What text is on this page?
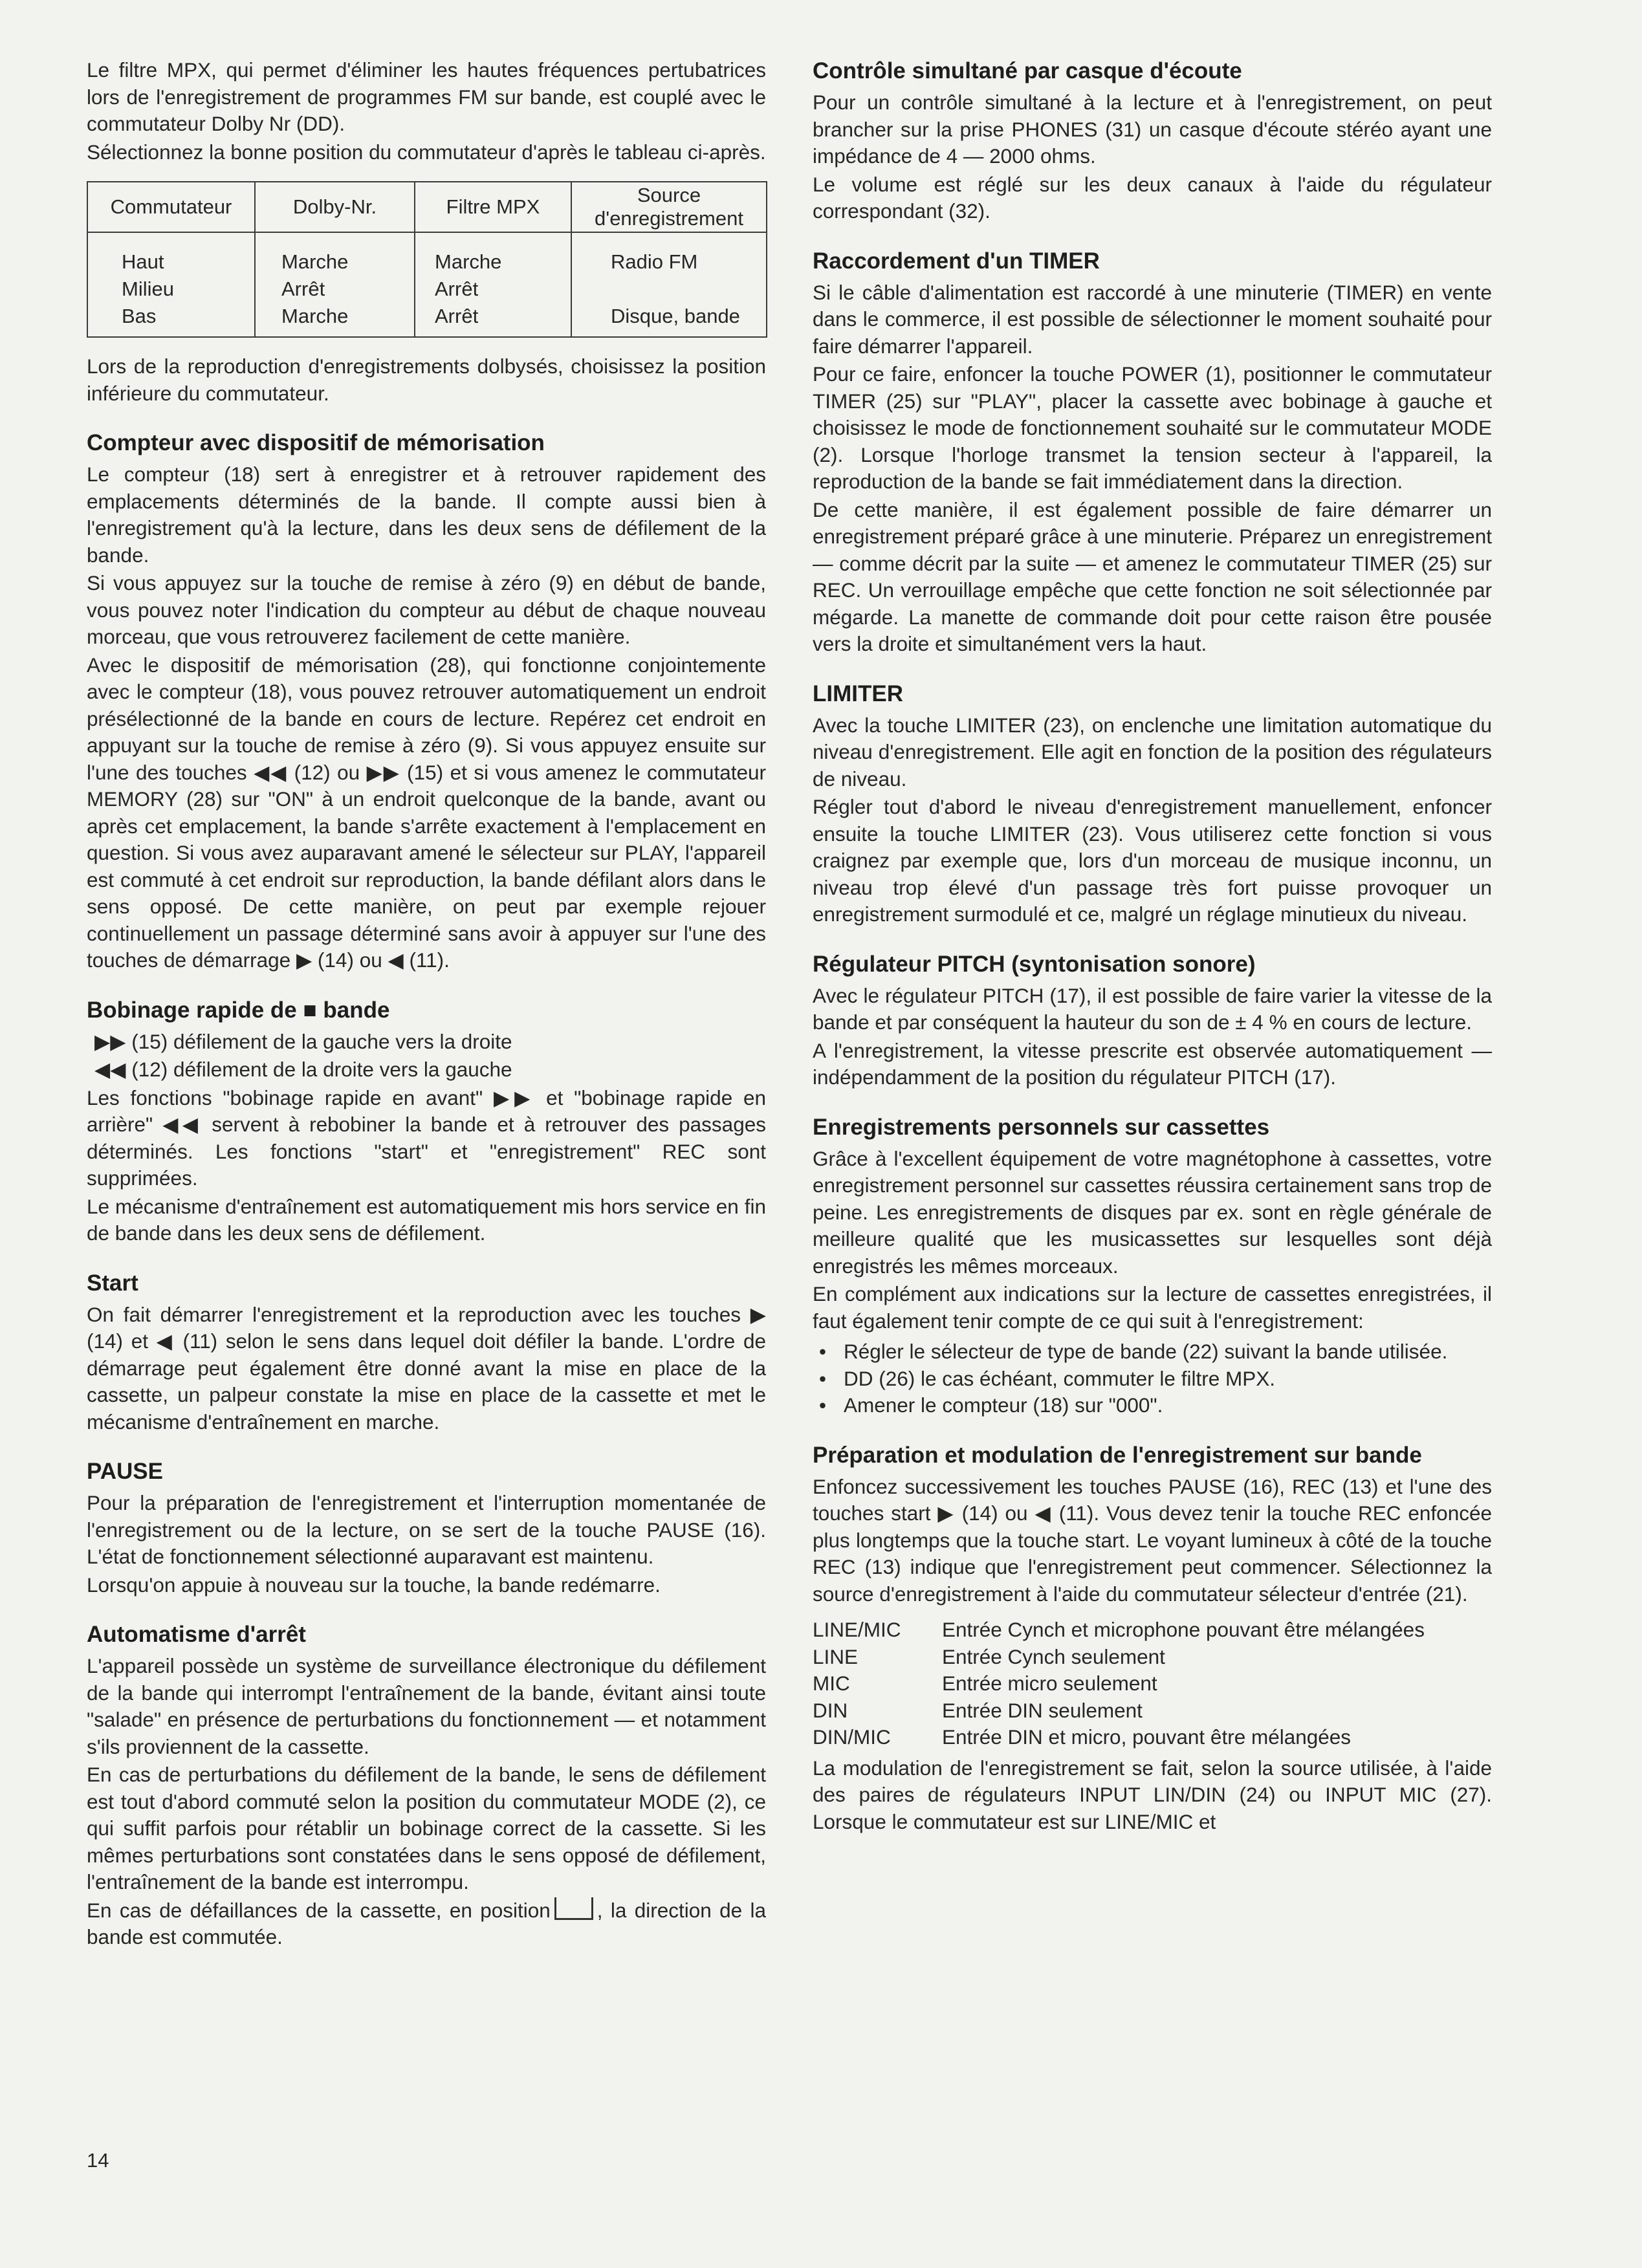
Le filtre MPX, qui permet d'éliminer les hautes fréquences pertubatrices lors de l'enregistrement de programmes FM sur bande, est couplé avec le commutateur Dolby Nr (DD).

Sélectionnez la bonne position du commutateur d'après le tableau ci-après.

Commutateur	Dolby-Nr.	Filtre MPX	Source d'enregistrement
Haut	Marche	Marche	Radio FM
Milieu	Arrêt	Arrêt	
Bas	Marche	Arrêt	Disque, bande

Lors de la reproduction d'enregistrements dolbysés, choisissez la position inférieure du commutateur.

Compteur avec dispositif de mémorisation

Le compteur (18) sert à enregistrer et à retrouver rapidement des emplacements déterminés de la bande. Il compte aussi bien à l'enregistrement qu'à la lecture, dans les deux sens de défilement de la bande.

Si vous appuyez sur la touche de remise à zéro (9) en début de bande, vous pouvez noter l'indication du compteur au début de chaque nouveau morceau, que vous retrouverez facilement de cette manière.

Avec le dispositif de mémorisation (28), qui fonctionne conjointemente avec le compteur (18), vous pouvez retrouver automatiquement un endroit présélectionné de la bande en cours de lecture. Repérez cet endroit en appuyant sur la touche de remise à zéro (9). Si vous appuyez ensuite sur l'une des touches ◀◀ (12) ou ▶▶ (15) et si vous amenez le commutateur MEMORY (28) sur "ON" à un endroit quelconque de la bande, avant ou après cet emplacement, la bande s'arrête exactement à l'emplacement en question. Si vous avez auparavant amené le sélecteur sur PLAY, l'appareil est commuté à cet endroit sur reproduction, la bande défilant alors dans le sens opposé. De cette manière, on peut par exemple rejouer continuellement un passage déterminé sans avoir à appuyer sur l'une des touches de démarrage ▶ (14) ou ◀ (11).

Bobinage rapide de ■ bande

▶▶ (15) défilement de la gauche vers la droite

◀◀ (12) défilement de la droite vers la gauche

Les fonctions "bobinage rapide en avant" ▶▶ et "bobinage rapide en arrière" ◀◀ servent à rebobiner la bande et à retrouver des passages déterminés. Les fonctions "start" et "enregistrement" REC sont supprimées.

Le mécanisme d'entraînement est automatiquement mis hors service en fin de bande dans les deux sens de défilement.

Start

On fait démarrer l'enregistrement et la reproduction avec les touches ▶ (14) et ◀ (11) selon le sens dans lequel doit défiler la bande. L'ordre de démarrage peut également être donné avant la mise en place de la cassette, un palpeur constate la mise en place de la cassette et met le mécanisme d'entraînement en marche.

PAUSE

Pour la préparation de l'enregistrement et l'interruption momentanée de l'enregistrement ou de la lecture, on se sert de la touche PAUSE (16). L'état de fonctionnement sélectionné auparavant est maintenu.

Lorsqu'on appuie à nouveau sur la touche, la bande redémarre.

Automatisme d'arrêt

L'appareil possède un système de surveillance électronique du défilement de la bande qui interrompt l'entraînement de la bande, évitant ainsi toute "salade" en présence de perturbations du fonctionnement — et notamment s'ils proviennent de la cassette.

En cas de perturbations du défilement de la bande, le sens de défilement est tout d'abord commuté selon la position du commutateur MODE (2), ce qui suffit parfois pour rétablir un bobinage correct de la cassette. Si les mêmes perturbations sont constatées dans le sens opposé de défilement, l'entraînement de la bande est interrompu.

En cas de défaillances de la cassette, en position , la direction de la bande est commutée.

Contrôle simultané par casque d'écoute

Pour un contrôle simultané à la lecture et à l'enregistrement, on peut brancher sur la prise PHONES (31) un casque d'écoute stéréo ayant une impédance de 4 — 2000 ohms.

Le volume est réglé sur les deux canaux à l'aide du régulateur correspondant (32).

Raccordement d'un TIMER

Si le câble d'alimentation est raccordé à une minuterie (TIMER) en vente dans le commerce, il est possible de sélectionner le moment souhaité pour faire démarrer l'appareil.

Pour ce faire, enfoncer la touche POWER (1), positionner le commutateur TIMER (25) sur "PLAY", placer la cassette avec bobinage à gauche et choisissez le mode de fonctionnement souhaité sur le commutateur MODE (2). Lorsque l'horloge transmet la tension secteur à l'appareil, la reproduction de la bande se fait immédiatement dans la direction.

De cette manière, il est également possible de faire démarrer un enregistrement préparé grâce à une minuterie. Préparez un enregistrement — comme décrit par la suite — et amenez le commutateur TIMER (25) sur REC. Un verrouillage empêche que cette fonction ne soit sélectionnée par mégarde. La manette de commande doit pour cette raison être pousée vers la droite et simultanément vers la haut.

LIMITER

Avec la touche LIMITER (23), on enclenche une limitation automatique du niveau d'enregistrement. Elle agit en fonction de la position des régulateurs de niveau.

Régler tout d'abord le niveau d'enregistrement manuellement, enfoncer ensuite la touche LIMITER (23). Vous utiliserez cette fonction si vous craignez par exemple que, lors d'un morceau de musique inconnu, un niveau trop élevé d'un passage très fort puisse provoquer un enregistrement surmodulé et ce, malgré un réglage minutieux du niveau.

Régulateur PITCH (syntonisation sonore)

Avec le régulateur PITCH (17), il est possible de faire varier la vitesse de la bande et par conséquent la hauteur du son de ± 4 % en cours de lecture.

A l'enregistrement, la vitesse prescrite est observée automatiquement — indépendamment de la position du régulateur PITCH (17).

Enregistrements personnels sur cassettes

Grâce à l'excellent équipement de votre magnétophone à cassettes, votre enregistrement personnel sur cassettes réussira certainement sans trop de peine. Les enregistrements de disques par ex. sont en règle générale de meilleure qualité que les musicassettes sur lesquelles sont déjà enregistrés les mêmes morceaux.

En complément aux indications sur la lecture de cassettes enregistrées, il faut également tenir compte de ce qui suit à l'enregistrement:

• Régler le sélecteur de type de bande (22) suivant la bande utilisée.
• DD (26) le cas échéant, commuter le filtre MPX.
• Amener le compteur (18) sur "000".
Préparation et modulation de l'enregistrement sur bande

Enfoncez successivement les touches PAUSE (16), REC (13) et l'une des touches start ▶ (14) ou ◀ (11). Vous devez tenir la touche REC enfoncée plus longtemps que la touche start. Le voyant lumineux à côté de la touche REC (13) indique que l'enregistrement peut commencer. Sélectionnez la source d'enregistrement à l'aide du commutateur sélecteur d'entrée (21).

LINE/MIC	Entrée Cynch et microphone pouvant être mélangées
LINE	Entrée Cynch seulement
MIC	Entrée micro seulement
DIN	Entrée DIN seulement
DIN/MIC	Entrée DIN et micro, pouvant être mélangées

La modulation de l'enregistrement se fait, selon la source utilisée, à l'aide des paires de régulateurs INPUT LIN/DIN (24) ou INPUT MIC (27). Lorsque le commutateur est sur LINE/MIC et

14
